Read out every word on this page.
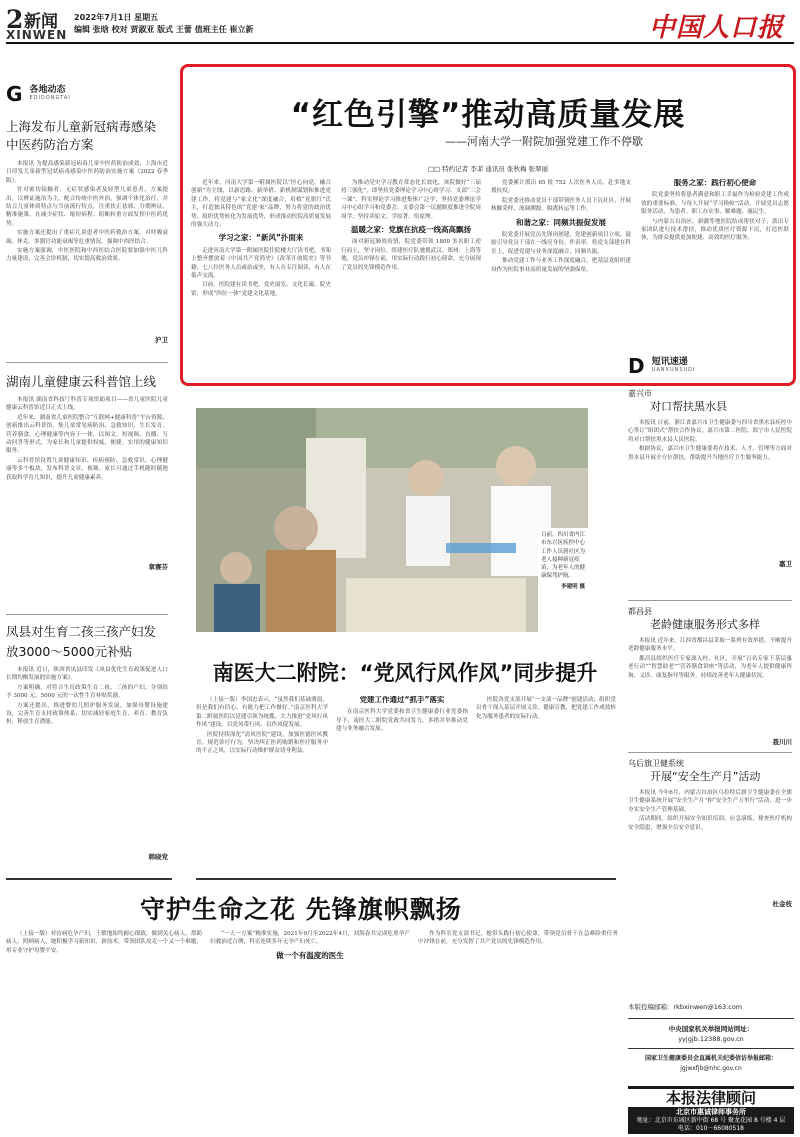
2 新闻
XINWEN
2022年7月1日 星期五
编辑 张晗 校对 贾淑亚 版式 王蕾 值班主任 崔立新	中国人口报
G 各地动态
EDIDONGTAI
上海发布儿童新冠病毒感染中医药防治方案

本报讯 为提高感染新冠病毒儿童中医药防治成效，上海市近日印发儿童新型冠状病毒感染中医药防治实施方案（2022 春季版）。

针对密切接触者、无症状感染者及轻型儿童患者，方案提出，以辨证施治为主，配合传统中医外治，强调个体化治疗，并结合儿童体质特点与当前流行特点，注重扶正祛邪、分期辨证、精准施策，在减少症状、缩短病程、阻断转重方面发挥中医药优势。

实施方案还提出了重症儿童患者中医药救治方案，对呼吸衰竭、休克、多器官功能衰竭等危重情况，强调中西医结合。

实施方案强调，中医医院和中西医结合医院要加强中医儿科力量建设，完善会诊机制，切实提高救治效果。

沪卫
湖南儿童健康云科普馆上线

本报讯 湖南省科技厅科普专项资助项目——省儿童医院儿童健康云科普馆近日正式上线。

近年来，湖南省儿童医院整合“互联网+健康科普”平台资源，创新推出云科普馆，集儿童常见病防治、急救知识、生长发育、营养膳食、心理健康等内容于一体，以图文、短视频、直播、互动问答等形式，为家长和儿童提供权威、便捷、实用的健康知识服务。

云科普馆设置儿童健康知识、疾病预防、急救常识、心理健康等多个板块，发布科普文章、视频。家长可通过手机随时随地获取科学育儿知识，提升儿童健康素养。

章赛芬
凤县对生育二孩三孩产妇发放3000～5000元补贴

本报讯 近日，陕西省凤县印发《凤县优化生育政策促进人口长期均衡发展的实施方案》。

方案明确，对符合生育政策生育二孩、三孩的产妇，分别给予 3000 元、5000 元的一次性生育补贴奖励。

方案还提出，推进婴幼儿照护服务发展，加强母婴设施建设，完善生育支持政策体系，切实减轻家庭生育、养育、教育负担，释放生育潜能。

韩晓党
“红色引擎”推动高质量发展
——河南大学一附院加强党建工作不停歇
□□ 特约记者 李菲 通讯员 张秋梅 张翠丽

近年来，河南大学第一附属医院以“医心向党、融合创新”为主线，以新思路、新举措、新机制谋划和推进党建工作，将党建与“家文化”深度融合，培植“党旗红”氏主，打造独具特色的“党建·家”品牌，努力将党的政治优势、组织优势转化为发展优势，形成推动医院高质量发展的强大动力。

学习之家：“新风”扑面来

走进河南大学第一附属医院住院楼大厅读书吧，书架上整齐摆放着《中国共产党简史》《改革开放简史》等书籍，七八位医务人员或站或坐，有人在专注阅读，有人在低声交流。

目前，医院建有读书吧、党史展室、文化长廊、院史馆，形成“四位一体”党建文化基地。

为推动党史学习教育常态化长效化，该院做好“三届持三强化”，即坚持党委理论学习中心组学习、支部“三会一课”、科室理论学习推进集体广泛学；坚持党委理论学习中心组学习和党委会、支委会第一议题制度推进全院周周学；坚持读原文、学原著、悟原理。

温暖之家：党旗在抗疫一线高高飘扬

面对新冠肺炎疫情，院党委带领 1800 多名职工逆行而上，坚守岗位。组建医疗队驰援武汉、郑州、上海等地，党员冲锋在前，用实际行动践行初心使命，充分展现了党员的先锋模范作用。

党委累计派出 65 批 752 人次医务人员，赴多地支援抗疫。

院党委还推动党员干部带领医务人员下沉社区，开展核酸采样、流调溯源、隔离转运等工作。

和谐之家：同频共振促发展

院党委开展党员先锋岗创建、党建创新项目立项、鼓励引导党员干部在一线亮身份、作表率。将党支部建在科室上，促进党建与业务深度融合，同频共振。

推动党建工作与业务工作深度融合，把基层党组织建设作为医院事业高质量发展的坚强保垒。

服务之家：践行初心使命

院党委坚持将患者满意和职工幸福作为检验党建工作成效的重要标准，与每人开展“学习换帖”活动，开展党员志愿服务活动，为患者、职工办实事、解难题、惠民生。

与内蒙古自治区、新疆等地医院结成帮扶对子，派出专家团队进行技术帮扶，推动优质医疗资源下沉，打造医联体，为群众提供更加便捷、高效的医疗服务。

日前，四川省内江市东兴区疾控中心工作人员到社区为老人接种新冠疫苗，为老年人的健康保驾护航。
李建明 摄
D 短讯速递
UANXUNSUDI
嘉兴市
对口帮扶黑水县

本报讯 日前，浙江省嘉兴市卫生健康委与四川省黑水县疾控中心签订“组团式”帮扶合作协议。嘉兴市第二医院、海宁市人民医院将对口帮扶黑水县人民医院。

根据协议，嘉兴市卫生健康委将在技术、人才、管理等方面对黑水县开展全方位帮扶，帮助提升当地医疗卫生服务能力。

嘉卫
都昌县
老龄健康服务形式多样

本报讯 近年来，江西省都昌县采取一系列有效举措，不断提升老龄健康服务水平。

都昌县组织医疗专家深入村、社区，开展“百名专家下基层惠老行动”“智慧助老”“营养膳食讲座”等活动，为老年人提供健康咨询、义诊、康复指导等服务，持续改善老年人健康状况。

聂川川
乌后旗卫健系统
开展“安全生产月”活动

本报讯 今年6月，内蒙古自治区乌拉特后旗卫生健康委在全旗卫生健康系统开展“安全生产月”和“安全生产万里行”活动，进一步夯实安全生产管理基础。

活动期间，组织开展安全知识培训、应急演练，排查医疗机构安全隐患，增强全员安全意识。

杜金枝
南医大二附院：“党风行风作风”同步提升

（上接一版）李国忠表示，“虽然我们基础薄弱，但是我们有信心、有能力把工作做好。”南京医科大学第二附属医院以党建引领为统揽，大力推进“党风行风作风”建设，以党风带行风、以作风促发展。

医院持续深化“清风医院”建设，加强医德医风教育，规范诊疗行为，坚决纠正医药购销和医疗服务中的不正之风，以实际行动维护群众切身利益。

党建工作通过“抓手”落实

在南京医科大学党委和省卫生健康委行业党委指导下，南医大二附院党政共同发力，多措并举推动党建与业务融合发展。

医院各党支部开展“一支部一品牌”创建活动，组织党员骨干深入基层开展义诊、健康宣教，把党建工作成效转化为服务患者的实际行动。

守护生命之花 先锋旗帜飘扬

（上接一版）对待病危孕产妇，王敏地始终耐心细致，做到关心病人、帮助病人、照顾病人。她积极学习新知识、新技术，带领团队攻克一个又一个难题，用专业守护母婴平安。

“一人一方案”精准实施，2021年9月至2022年4月，刘海春共完成危重孕产妇救治近百例，科室连续多年无孕产妇死亡。

做一个有温度的医生

作为科室党支部书记，她带头践行初心使命，带领党员骨干在急难险重任务中冲锋在前，充分发挥了共产党员的先锋模范作用。

本版投稿邮箱：rkbxinwen@163.com
中央国家机关举报网站网址：
yyjgjb.12388.gov.cn
国家卫生健康委员会直属机关纪委信访举报邮箱：
jgjwxfjb@nhc.gov.cn
本报法律顾问
北京市惠诚律师事务所
地址：北京市东城区新中街 68 号 聚龙花园 8 号楼 4 层
电话：010－66080518
